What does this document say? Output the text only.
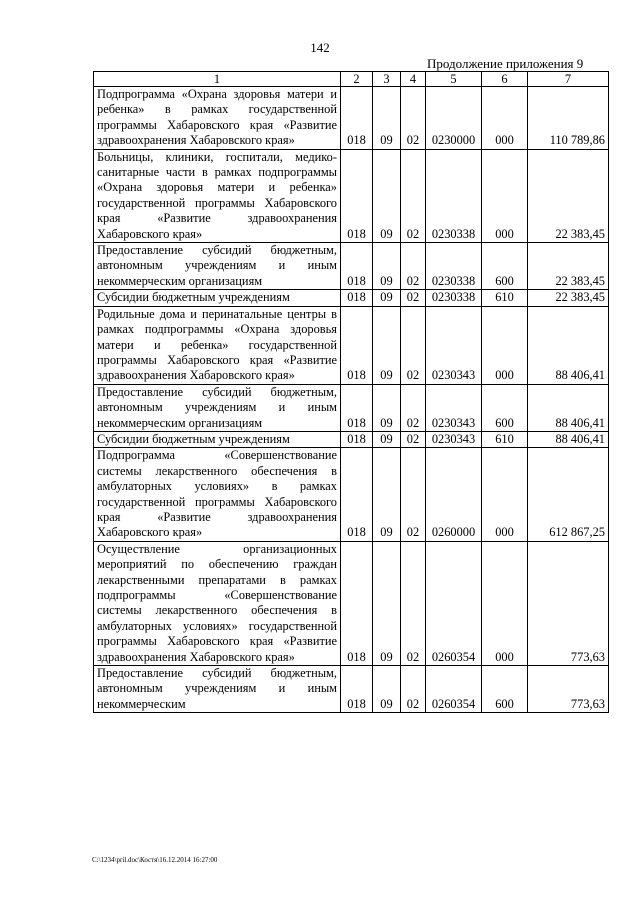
142
Продолжение приложения 9
1	2	3	4	5	6	7
Подпрограмма «Охрана здоровья матери и ребенка» в рамках государственной программы Хабаровского края «Развитие здравоохранения Хабаровского края»	018	09	02	0230000	000	110 789,86
Больницы, клиники, госпитали, медико-санитарные части в рамках подпрограммы «Охрана здоровья матери и ребенка» государственной программы Хабаровского края «Развитие здравоохранения Хабаровского края»	018	09	02	0230338	000	22 383,45
Предоставление субсидий бюджетным, автономным учреждениям и иным некоммерческим организациям	018	09	02	0230338	600	22 383,45
Субсидии бюджетным учреждениям	018	09	02	0230338	610	22 383,45
Родильные дома и перинатальные центры в рамках подпрограммы «Охрана здоровья матери и ребенка» государственной программы Хабаровского края «Развитие здравоохранения Хабаровского края»	018	09	02	0230343	000	88 406,41
Предоставление субсидий бюджетным, автономным учреждениям и иным некоммерческим организациям	018	09	02	0230343	600	88 406,41
Субсидии бюджетным учреждениям	018	09	02	0230343	610	88 406,41
Подпрограмма «Совершенствование системы лекарственного обеспечения в амбулаторных условиях» в рамках государственной программы Хабаровского края «Развитие здравоохранения Хабаровского края»	018	09	02	0260000	000	612 867,25
Осуществление организационных мероприятий по обеспечению граждан лекарственными препаратами в рамках подпрограммы «Совершенствование системы лекарственного обеспечения в амбулаторных условиях» государственной программы Хабаровского края «Развитие здравоохранения Хабаровского края»	018	09	02	0260354	000	773,63
Предоставление субсидий бюджетным, автономным учреждениям и иным некоммерческим	018	09	02	0260354	600	773,63
C:\1234\pril.doc\Костя\16.12.2014 16:27:00
